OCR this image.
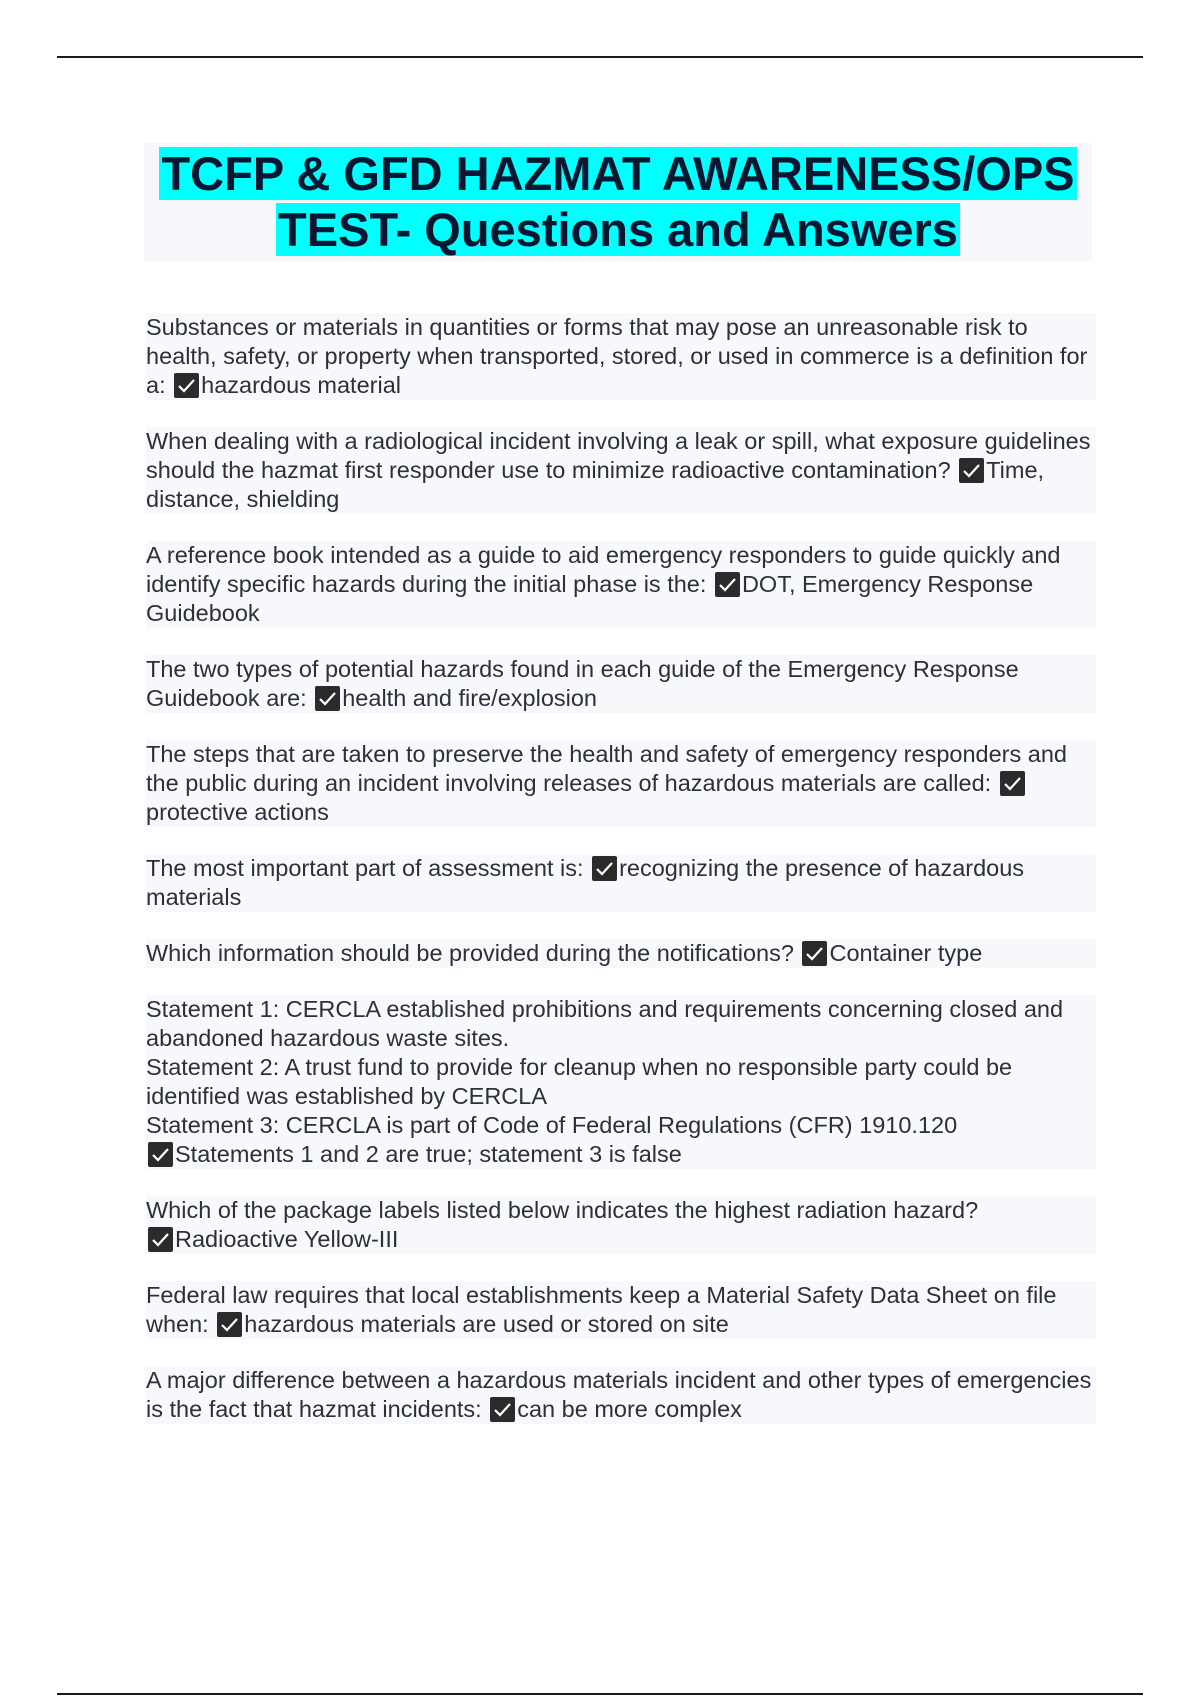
TCFP & GFD HAZMAT AWARENESS/OPS
TEST- Questions and Answers
Substances or materials in quantities or forms that may pose an unreasonable risk to health, safety, or property when transported, stored, or used in commerce is a definition for a: hazardous material
When dealing with a radiological incident involving a leak or spill, what exposure guidelines should the hazmat first responder use to minimize radioactive contamination? Time, distance, shielding
A reference book intended as a guide to aid emergency responders to guide quickly and identify specific hazards during the initial phase is the: DOT, Emergency Response Guidebook
The two types of potential hazards found in each guide of the Emergency Response Guidebook are: health and fire/explosion
The steps that are taken to preserve the health and safety of emergency responders and the public during an incident involving releases of hazardous materials are called:
protective actions
The most important part of assessment is: recognizing the presence of hazardous materials
Which information should be provided during the notifications? Container type
Statement 1: CERCLA established prohibitions and requirements concerning closed and abandoned hazardous waste sites.
Statement 2: A trust fund to provide for cleanup when no responsible party could be identified was established by CERCLA
Statement 3: CERCLA is part of Code of Federal Regulations (CFR) 1910.120

Statements 1 and 2 are true; statement 3 is false
Which of the package labels listed below indicates the highest radiation hazard?

Radioactive Yellow-III
Federal law requires that local establishments keep a Material Safety Data Sheet on file when: hazardous materials are used or stored on site
A major difference between a hazardous materials incident and other types of emergencies is the fact that hazmat incidents: can be more complex
